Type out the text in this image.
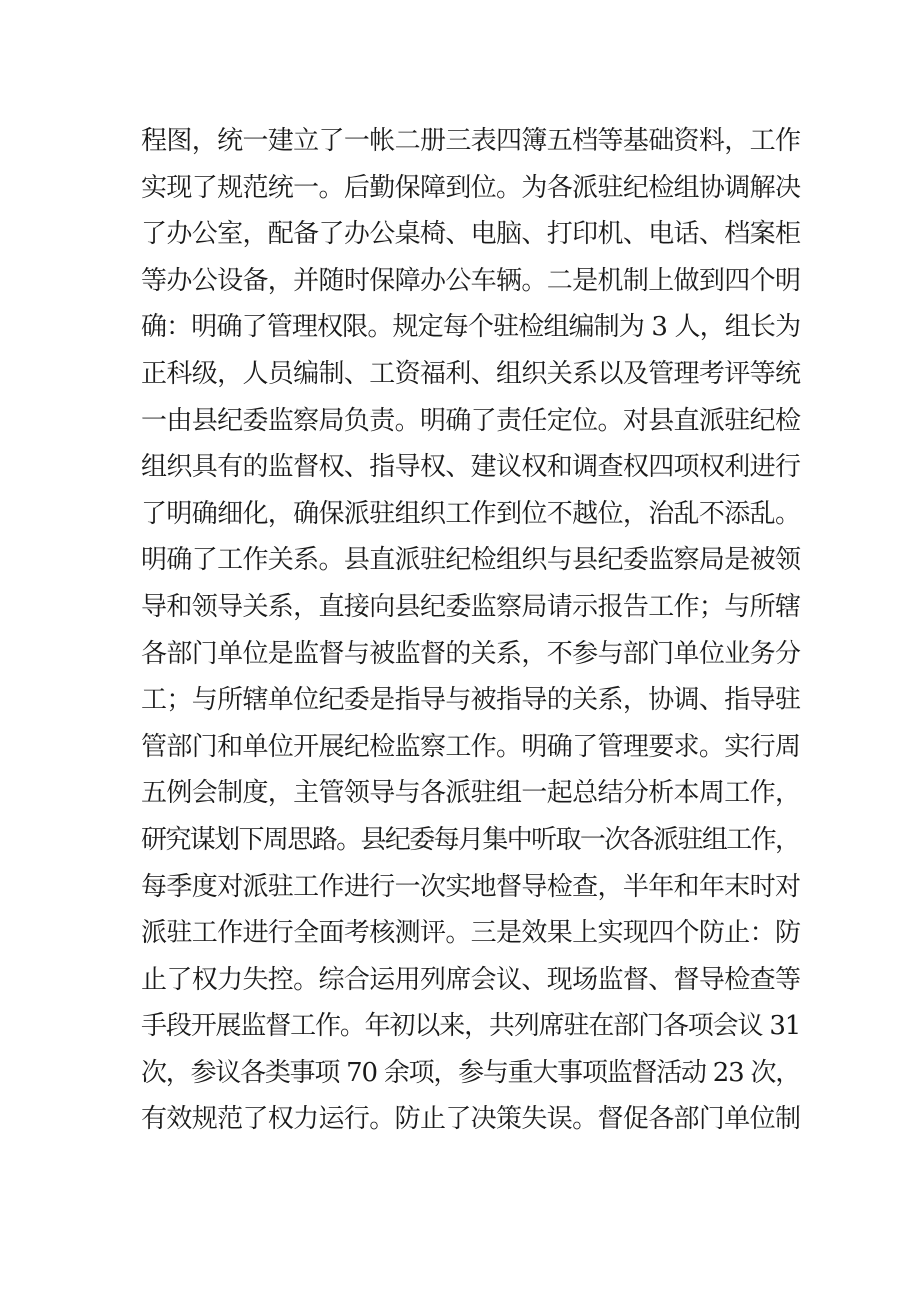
程图，统一建立了一帐二册三表四簿五档等基础资料，工作
实现了规范统一。后勤保障到位。为各派驻纪检组协调解决
了办公室，配备了办公桌椅、电脑、打印机、电话、档案柜
等办公设备，并随时保障办公车辆。二是机制上做到四个明
确：明确了管理权限。规定每个驻检组编制为 3 人，组长为
正科级，人员编制、工资福利、组织关系以及管理考评等统
一由县纪委监察局负责。明确了责任定位。对县直派驻纪检
组织具有的监督权、指导权、建议权和调查权四项权利进行
了明确细化，确保派驻组织工作到位不越位，治乱不添乱。
明确了工作关系。县直派驻纪检组织与县纪委监察局是被领
导和领导关系，直接向县纪委监察局请示报告工作；与所辖
各部门单位是监督与被监督的关系，不参与部门单位业务分
工；与所辖单位纪委是指导与被指导的关系，协调、指导驻
管部门和单位开展纪检监察工作。明确了管理要求。实行周
五例会制度，主管领导与各派驻组一起总结分析本周工作，
研究谋划下周思路。县纪委每月集中听取一次各派驻组工作，
每季度对派驻工作进行一次实地督导检查，半年和年末时对
派驻工作进行全面考核测评。三是效果上实现四个防止：防
止了权力失控。综合运用列席会议、现场监督、督导检查等
手段开展监督工作。年初以来，共列席驻在部门各项会议 31
次，参议各类事项 70 余项，参与重大事项监督活动 23 次，
有效规范了权力运行。防止了决策失误。督促各部门单位制
